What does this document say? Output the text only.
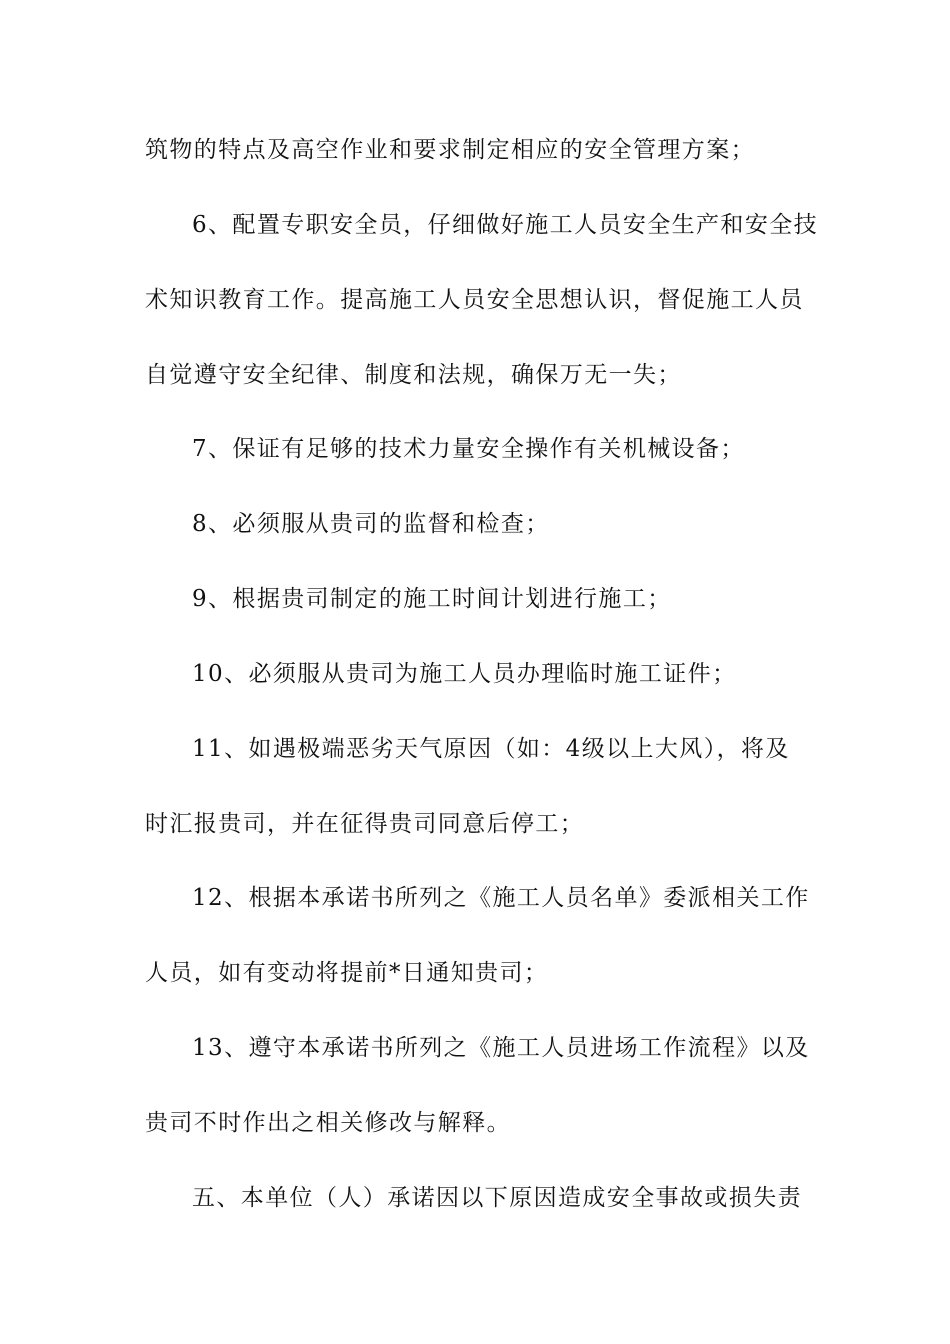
筑物的特点及高空作业和要求制定相应的安全管理方案；
6、配置专职安全员，仔细做好施工人员安全生产和安全技
术知识教育工作。提高施工人员安全思想认识，督促施工人员
自觉遵守安全纪律、制度和法规，确保万无一失；
7、保证有足够的技术力量安全操作有关机械设备；
8、必须服从贵司的监督和检查；
9、根据贵司制定的施工时间计划进行施工；
10、必须服从贵司为施工人员办理临时施工证件；
11、如遇极端恶劣天气原因（如：4级以上大风），将及
时汇报贵司，并在征得贵司同意后停工；
12、根据本承诺书所列之《施工人员名单》委派相关工作
人员，如有变动将提前*日通知贵司；
13、遵守本承诺书所列之《施工人员进场工作流程》以及
贵司不时作出之相关修改与解释。
五、本单位（人）承诺因以下原因造成安全事故或损失责
